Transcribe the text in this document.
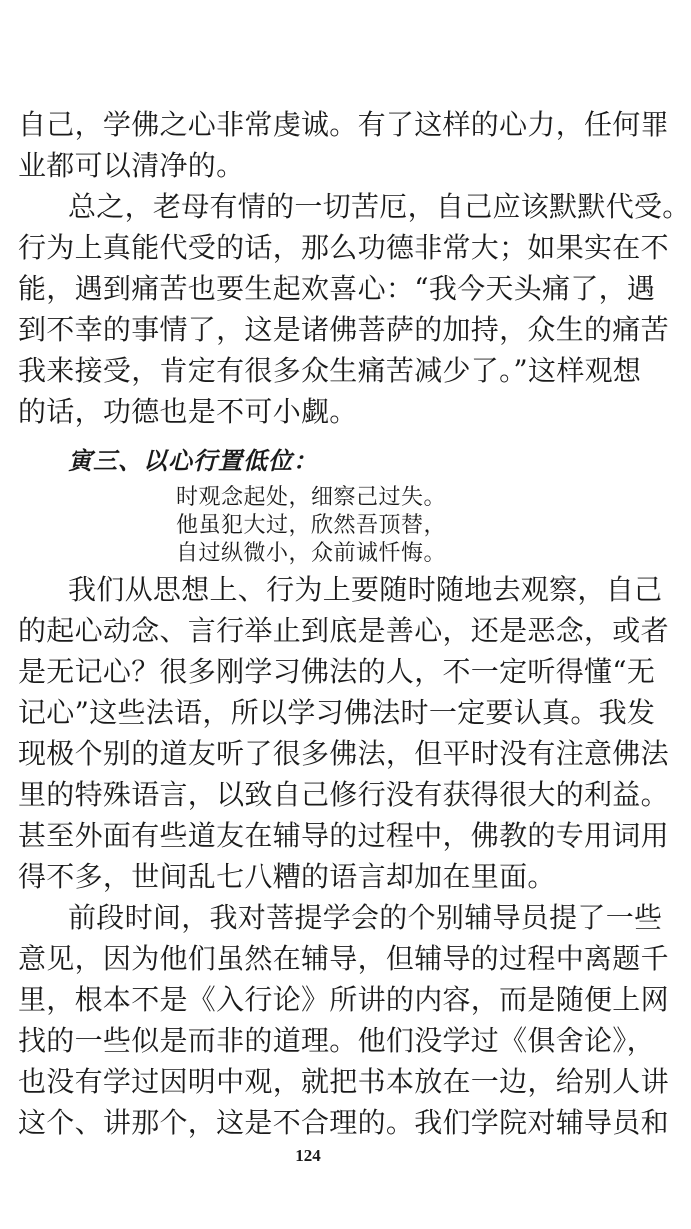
自己，学佛之心非常虔诚。有了这样的心力，任何罪
业都可以清净的。
总之，老母有情的一切苦厄，自己应该默默代受。
行为上真能代受的话，那么功德非常大；如果实在不
能，遇到痛苦也要生起欢喜心：“我今天头痛了，遇
到不幸的事情了，这是诸佛菩萨的加持，众生的痛苦
我来接受，肯定有很多众生痛苦减少了。”这样观想
的话，功德也是不可小觑。
寅三、以心行置低位：
时观念起处，细察己过失。
他虽犯大过，欣然吾顶替，
自过纵微小，众前诚忏悔。
我们从思想上、行为上要随时随地去观察，自己
的起心动念、言行举止到底是善心，还是恶念，或者
是无记心？很多刚学习佛法的人，不一定听得懂“无
记心”这些法语，所以学习佛法时一定要认真。我发
现极个别的道友听了很多佛法，但平时没有注意佛法
里的特殊语言，以致自己修行没有获得很大的利益。
甚至外面有些道友在辅导的过程中，佛教的专用词用
得不多，世间乱七八糟的语言却加在里面。
前段时间，我对菩提学会的个别辅导员提了一些
意见，因为他们虽然在辅导，但辅导的过程中离题千
里，根本不是《入行论》所讲的内容，而是随便上网
找的一些似是而非的道理。他们没学过《俱舍论》，
也没有学过因明中观，就把书本放在一边，给别人讲
这个、讲那个，这是不合理的。我们学院对辅导员和
124
